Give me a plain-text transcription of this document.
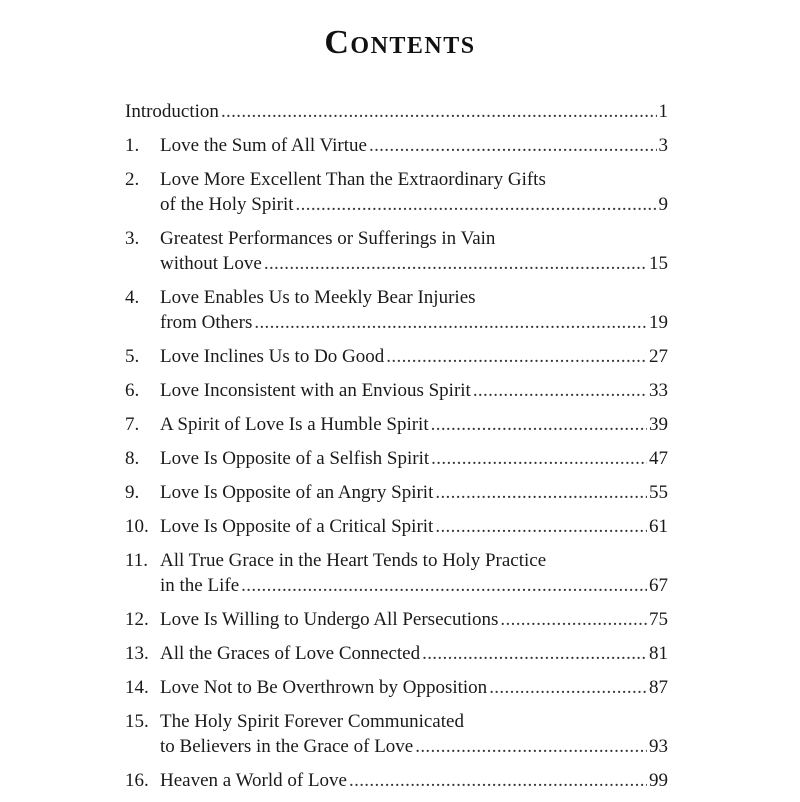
Contents
Introduction . . .	1
1.	Love the Sum of All Virtue . . .	3
2.	Love More Excellent Than the Extraordinary Gifts
of the Holy Spirit . . .	9
3.	Greatest Performances or Sufferings in Vain
without Love . . .	15
4.	Love Enables Us to Meekly Bear Injuries
from Others . . .	19
5.	Love Inclines Us to Do Good . . .	27
6.	Love Inconsistent with an Envious Spirit . . .	33
7.	A Spirit of Love Is a Humble Spirit . . .	39
8.	Love Is Opposite of a Selfish Spirit . . .	47
9.	Love Is Opposite of an Angry Spirit . . .	55
10. Love Is Opposite of a Critical Spirit . . .	61
11. All True Grace in the Heart Tends to Holy Practice
in the Life . . .	67
12. Love Is Willing to Undergo All Persecutions . . .	75
13. All the Graces of Love Connected . . .	81
14. Love Not to Be Overthrown by Opposition . . .	87
15. The Holy Spirit Forever Communicated
to Believers in the Grace of Love . . .	93
16. Heaven a World of Love . . .	99
